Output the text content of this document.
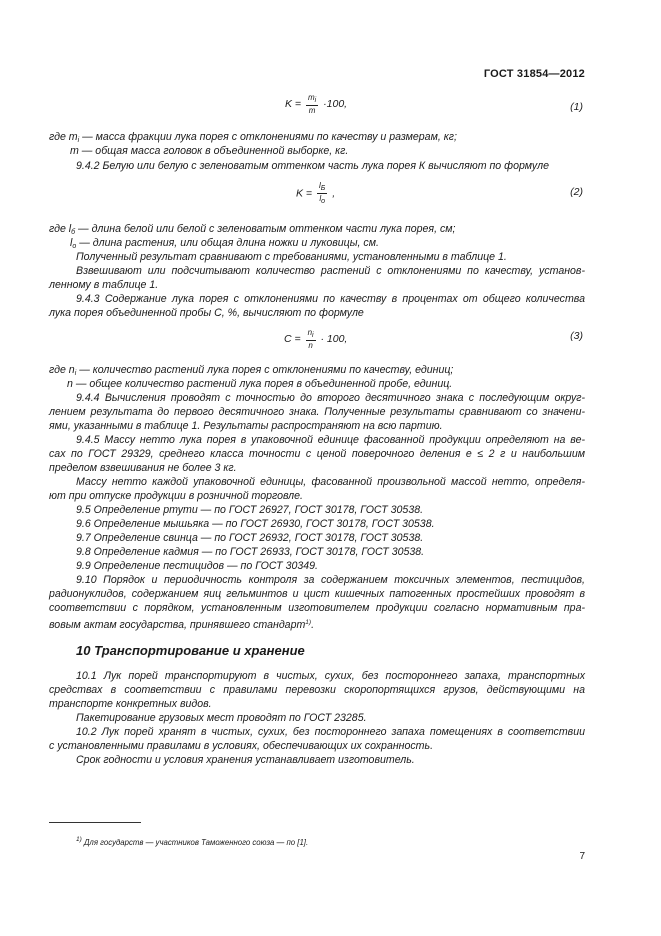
ГОСТ 31854—2012
$K = \frac{mi}{m} \cdot 100$,	(1)
где $m_i$ — масса фракции лука порея с отклонениями по качеству и размерам, кг;
m — общая масса головок в объединенной выборке, кг.
9.4.2 Белую или белую с зеленоватым оттенком часть лука порея К вычисляют по формуле
$K = \frac{lБ}{lо}$ ,	(2)
где $l_б$ — длина белой или белой с зеленоватым оттенком части лука порея, см;
$l_о$ — длина растения, или общая длина ножки и луковицы, см.
Полученный результат сравнивают с требованиями, установленными в таблице 1.
Взвешивают или подсчитывают количество растений с отклонениями по качеству, установ-
ленному в таблице 1.
9.4.3 Содержание лука порея с отклонениями по качеству в процентах от общего количества
лука порея объединенной пробы С, %, вычисляют по формуле
$C = \frac{ni}{n} \cdot 100$,	(3)
где $n_i$ — количество растений лука порея с отклонениями по качеству, единиц;
n — общее количество растений лука порея в объединенной пробе, единиц.
9.4.4 Вычисления проводят с точностью до второго десятичного знака с последующим округ-
лением результата до первого десятичного знака. Полученные результаты сравнивают со значени-
ями, указанными в таблице 1. Результаты распространяют на всю партию.
9.4.5 Массу нетто лука порея в упаковочной единице фасованной продукции определяют на ве-
сах по ГОСТ 29329, среднего класса точности с ценой поверочного деления е ≤ 2 г и наибольшим
пределом взвешивания не более 3 кг.
Массу нетто каждой упаковочной единицы, фасованной произвольной массой нетто, определя-
ют при отпуске продукции в розничной торговле.
9.5 Определение ртути — по ГОСТ 26927, ГОСТ 30178, ГОСТ 30538.
9.6 Определение мышьяка — по ГОСТ 26930, ГОСТ 30178, ГОСТ 30538.
9.7 Определение свинца — по ГОСТ 26932, ГОСТ 30178, ГОСТ 30538.
9.8 Определение кадмия — по ГОСТ 26933, ГОСТ 30178, ГОСТ 30538.
9.9 Определение пестицидов — по ГОСТ 30349.
9.10 Порядок и периодичность контроля за содержанием токсичных элементов, пестицидов,
радионуклидов, содержанием яиц гельминтов и цист кишечных патогенных простейших проводят в
соответствии с порядком, установленным изготовителем продукции согласно нормативным пра-
вовым актам государства, принявшего стандарт$^{1)}$.
10 Транспортирование и хранение
10.1 Лук порей транспортируют в чистых, сухих, без постороннего запаха, транспортных
средствах в соответствии с правилами перевозки скоропортящихся грузов, действующими на
транспорте конкретных видов.
Пакетирование грузовых мест проводят по ГОСТ 23285.
10.2 Лук порей хранят в чистых, сухих, без постороннего запаха помещениях в соответствии
с установленными правилами в условиях, обеспечивающих их сохранность.
Срок годности и условия хранения устанавливает изготовитель.
$^{1)}$ Для государств — участников Таможенного союза — по [1].
7
